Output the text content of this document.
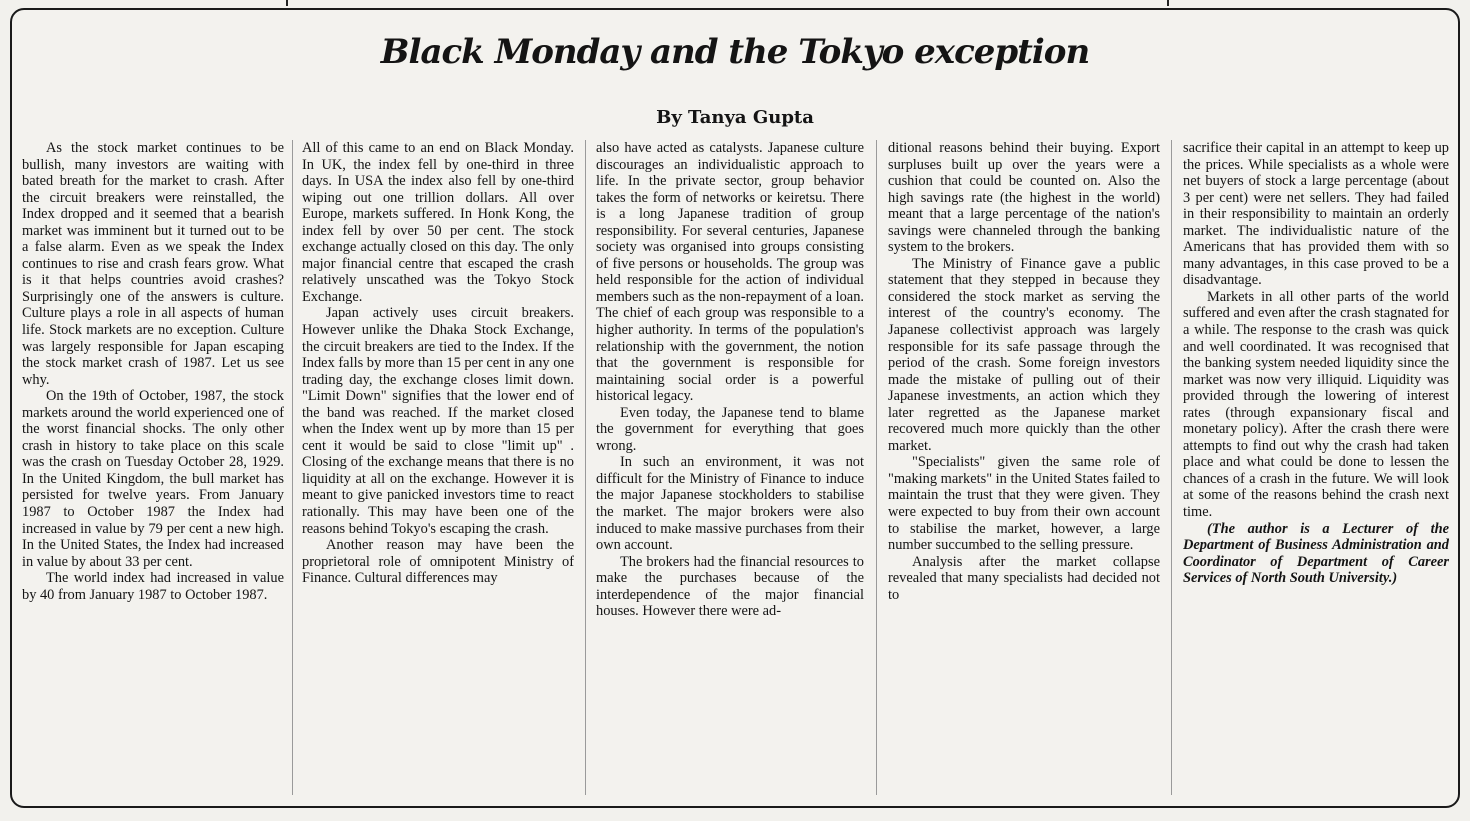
Black Monday and the Tokyo exception
By Tanya Gupta

As the stock market continues to be bullish, many investors are waiting with bated breath for the market to crash. After the circuit breakers were reinstalled, the Index dropped and it seemed that a bearish market was imminent but it turned out to be a false alarm. Even as we speak the Index continues to rise and crash fears grow. What is it that helps countries avoid crashes? Surprisingly one of the answers is culture. Culture plays a role in all aspects of human life. Stock markets are no exception. Culture was largely responsible for Japan escaping the stock market crash of 1987. Let us see why.

On the 19th of October, 1987, the stock markets around the world experienced one of the worst financial shocks. The only other crash in history to take place on this scale was the crash on Tuesday October 28, 1929. In the United Kingdom, the bull market has persisted for twelve years. From January 1987 to October 1987 the Index had increased in value by 79 per cent a new high. In the United States, the Index had increased in value by about 33 per cent.

The world index had increased in value by 40 from January 1987 to October 1987.

All of this came to an end on Black Monday. In UK, the index fell by one-third in three days. In USA the index also fell by one-third wiping out one trillion dollars. All over Europe, markets suffered. In Honk Kong, the index fell by over 50 per cent. The stock exchange actually closed on this day. The only major financial centre that escaped the crash relatively unscathed was the Tokyo Stock Exchange.

Japan actively uses circuit breakers. However unlike the Dhaka Stock Exchange, the circuit breakers are tied to the Index. If the Index falls by more than 15 per cent in any one trading day, the exchange closes limit down. "Limit Down" signifies that the lower end of the band was reached. If the market closed when the Index went up by more than 15 per cent it would be said to close "limit up" . Closing of the exchange means that there is no liquidity at all on the exchange. However it is meant to give panicked investors time to react rationally. This may have been one of the reasons behind Tokyo's escaping the crash.

Another reason may have been the proprietoral role of omnipotent Ministry of Finance. Cultural differences may

also have acted as catalysts. Japanese culture discourages an individualistic approach to life. In the private sector, group behavior takes the form of networks or keiretsu. There is a long Japanese tradition of group responsibility. For several centuries, Japanese society was organised into groups consisting of five persons or households. The group was held responsible for the action of individual members such as the non-repayment of a loan. The chief of each group was responsible to a higher authority. In terms of the population's relationship with the government, the notion that the government is responsible for maintaining social order is a powerful historical legacy.

Even today, the Japanese tend to blame the government for everything that goes wrong.

In such an environment, it was not difficult for the Ministry of Finance to induce the major Japanese stockholders to stabilise the market. The major brokers were also induced to make massive purchases from their own account.

The brokers had the financial resources to make the purchases because of the interdependence of the major financial houses. However there were ad-

ditional reasons behind their buying. Export surpluses built up over the years were a cushion that could be counted on. Also the high savings rate (the highest in the world) meant that a large percentage of the nation's savings were channeled through the banking system to the brokers.

The Ministry of Finance gave a public statement that they stepped in because they considered the stock market as serving the interest of the country's economy. The Japanese collectivist approach was largely responsible for its safe passage through the period of the crash. Some foreign investors made the mistake of pulling out of their Japanese investments, an action which they later regretted as the Japanese market recovered much more quickly than the other market.

"Specialists" given the same role of "making markets" in the United States failed to maintain the trust that they were given. They were expected to buy from their own account to stabilise the market, however, a large number succumbed to the selling pressure.

Analysis after the market collapse revealed that many specialists had decided not to

sacrifice their capital in an attempt to keep up the prices. While specialists as a whole were net buyers of stock a large percentage (about 3 per cent) were net sellers. They had failed in their responsibility to maintain an orderly market. The individualistic nature of the Americans that has provided them with so many advantages, in this case proved to be a disadvantage.

Markets in all other parts of the world suffered and even after the crash stagnated for a while. The response to the crash was quick and well coordinated. It was recognised that the banking system needed liquidity since the market was now very illiquid. Liquidity was provided through the lowering of interest rates (through expansionary fiscal and monetary policy). After the crash there were attempts to find out why the crash had taken place and what could be done to lessen the chances of a crash in the future. We will look at some of the reasons behind the crash next time.

(The author is a Lecturer of the Department of Business Administration and Coordinator of Department of Career Services of North South University.)
